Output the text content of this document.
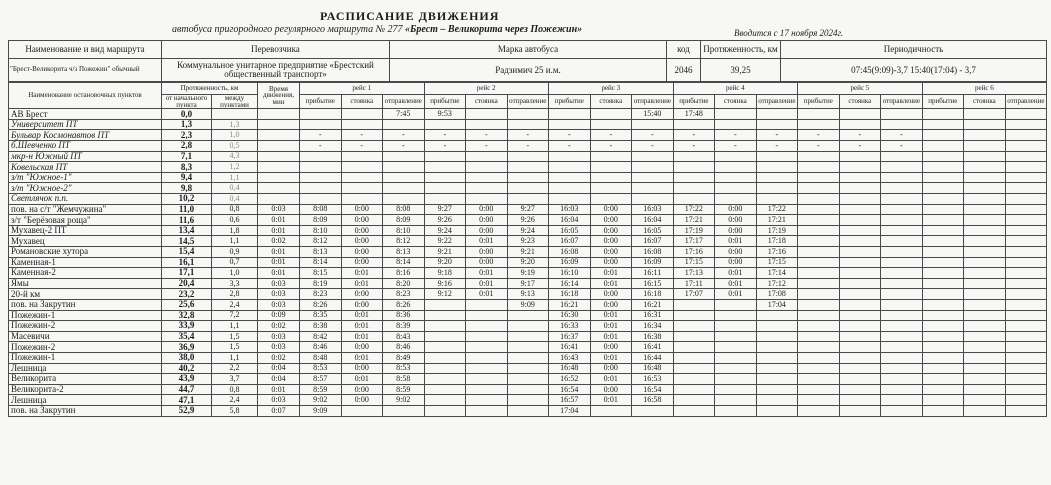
РАСПИСАНИЕ ДВИЖЕНИЯ
автобуса пригородного регулярного маршрута № 277 «Брест – Великорита через Пожежин»	Вводится с 17 ноября 2024г.
Наименование и вид маршрута	Перевозчика	Марка автобуса	код	Протяженность, км	Периодичность
"Брест-Великорита ч/з Пожежин" обычный	Коммунальное унитарное предприятие «Брестский общественный транспорт»	Радзимич 25 и.м.	2046	39,25	07:45(9:09)-3,7 15:40(17:04) - 3,7
Наименование остановочных пунктов	Протяженность, км		Время движения, мин	рейс 1			рейс 2			рейс 3			рейс 4			рейс 5			рейс 6		
	от начального пункта	между пунктами		прибытие	стоянка	отправление	прибытие	стоянка	отправление	прибытие	стоянка	отправление	прибытие	стоянка	отправление	прибытие	стоянка	отправление	прибытие	стоянка	отправление
АВ Брест	0,0					7:45	9:53					15:40	17:48								
Университет ПТ	1,3	1,3																			
Бульвар Космонавтов ПТ	2,3	1,0		-	-	-	-	-	-	-	-	-	-	-	-	-	-	-			
б.Шевченко ПТ	2,8	0,5		-	-	-	-	-	-	-	-	-	-	-	-	-	-	-			
мкр-н Южный ПТ	7,1	4,3																			
Ковельская ПТ	8,3	1,2																			
з/т "Южное-1"	9,4	1,1																			
з/т "Южное-2"	9,8	0,4																			
Светлячок п.п.	10,2	0,4																			
пов. на с/т "Жемчужина"	11,0	0,8	0:03	8:08	0:00	8:08	9:27	0:00	9:27	16:03	0:00	16:03	17:22	0:00	17:22						
з/т "Берёзовая роща"	11,6	0,6	0:01	8:09	0:00	8:09	9:26	0:00	9:26	16:04	0:00	16:04	17:21	0:00	17:21						
Мухавец-2 ПТ	13,4	1,8	0:01	8:10	0:00	8:10	9:24	0:00	9:24	16:05	0:00	16:05	17:19	0:00	17:19						
Мухавец	14,5	1,1	0:02	8:12	0:00	8:12	9:22	0:01	9:23	16:07	0:00	16:07	17:17	0:01	17:18						
Романовские хутора	15,4	0,9	0:01	8:13	0:00	8:13	9:21	0:00	9:21	16:08	0:00	16:08	17:16	0:00	17:16						
Каменная-1	16,1	0,7	0:01	8:14	0:00	8:14	9:20	0:00	9:20	16:09	0:00	16:09	17:15	0:00	17:15						
Каменная-2	17,1	1,0	0:01	8:15	0:01	8:16	9:18	0:01	9:19	16:10	0:01	16:11	17:13	0:01	17:14						
Ямы	20,4	3,3	0:03	8:19	0:01	8:20	9:16	0:01	9:17	16:14	0:01	16:15	17:11	0:01	17:12						
20-й км	23,2	2,8	0:03	8:23	0:00	8:23	9:12	0:01	9:13	16:18	0:00	16:18	17:07	0:01	17:08						
пов. на Закрутин	25,6	2,4	0:03	8:26	0:00	8:26			9:09	16:21	0:00	16:21			17:04						
Пожежин-1	32,8	7,2	0:09	8:35	0:01	8:36				16:30	0:01	16:31									
Пожежин-2	33,9	1,1	0:02	8:38	0:01	8:39				16:33	0:01	16:34									
Масевичи	35,4	1,5	0:03	8:42	0:01	8:43				16:37	0:01	16:38									
Пожежин-2	36,9	1,5	0:03	8:46	0:00	8:46				16:41	0:00	16:41									
Пожежин-1	38,0	1,1	0:02	8:48	0:01	8:49				16:43	0:01	16:44									
Лешница	40,2	2,2	0:04	8:53	0:00	8:53				16:48	0:00	16:48									
Великорита	43,9	3,7	0:04	8:57	0:01	8:58				16:52	0:01	16:53									
Великорита-2	44,7	0,8	0:01	8:59	0:00	8:59				16:54	0:00	16:54									
Лешница	47,1	2,4	0:03	9:02	0:00	9:02				16:57	0:01	16:58									
пов. на Закрутин	52,9	5,8	0:07	9:09						17:04											
